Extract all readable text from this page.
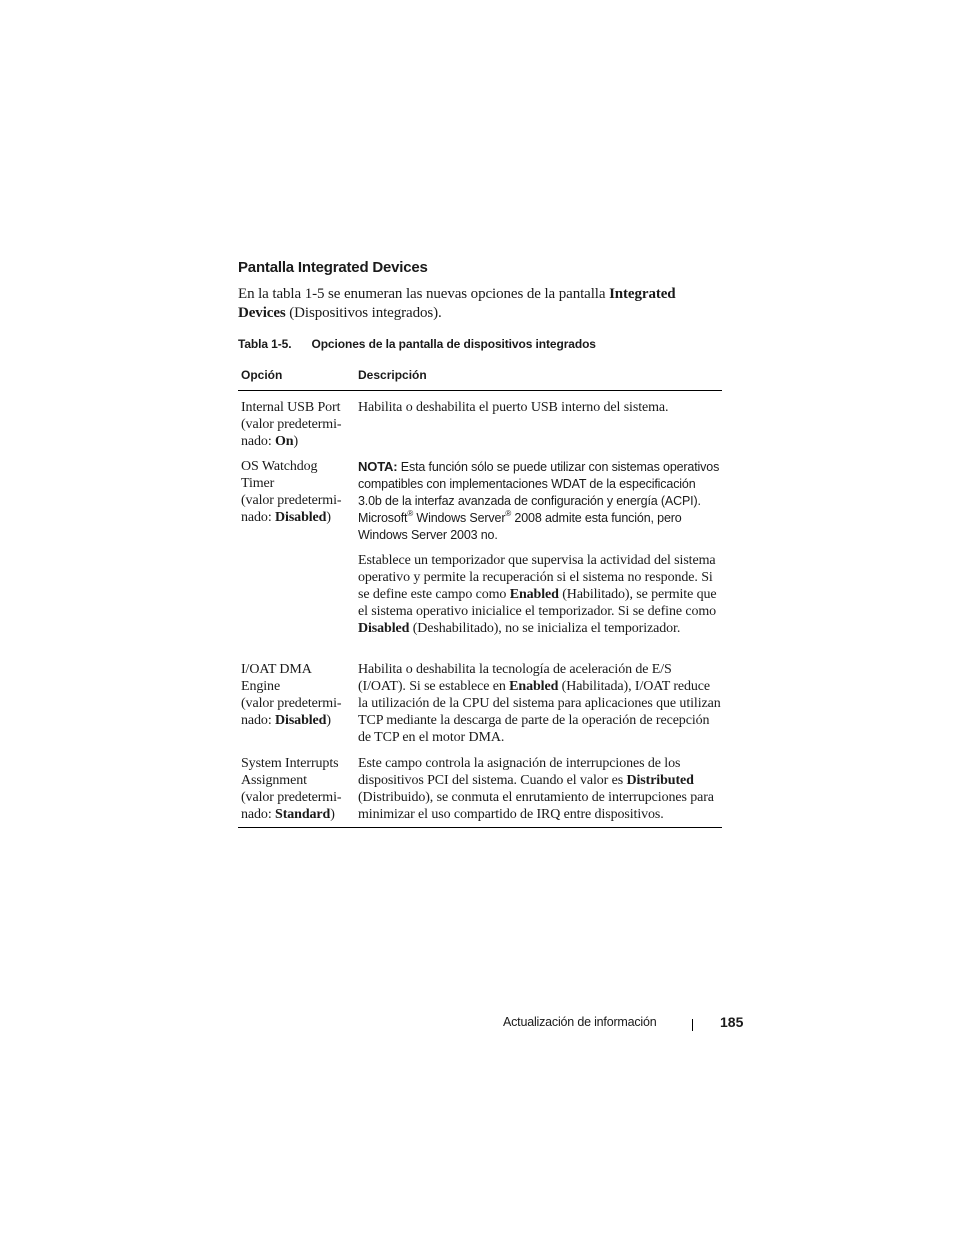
Pantalla Integrated Devices

En la tabla 1-5 se enumeran las nuevas opciones de la pantalla Integrated Devices (Dispositivos integrados).

Tabla 1-5. Opciones de la pantalla de dispositivos integrados

Opción	Descripción
Internal USB Port
(valor predetermi-
nado: On)

Habilita o deshabilita el puerto USB interno del sistema.

OS Watchdog
Timer
(valor predetermi-
nado: Disabled)

NOTA: Esta función sólo se puede utilizar con sistemas operativos compatibles con implementaciones WDAT de la especificación 3.0b de la interfaz avanzada de configuración y energía (ACPI). Microsoft® Windows Server® 2008 admite esta función, pero Windows Server 2003 no.

Establece un temporizador que supervisa la actividad del sistema operativo y permite la recuperación si el sistema no responde. Si se define este campo como Enabled (Habilitado), se permite que el sistema operativo inicialice el temporizador. Si se define como Disabled (Deshabilitado), no se inicializa el temporizador.

I/OAT DMA
Engine
(valor predetermi-
nado: Disabled)

Habilita o deshabilita la tecnología de aceleración de E/S (I/OAT). Si se establece en Enabled (Habilitada), I/OAT reduce la utilización de la CPU del sistema para aplicaciones que utilizan TCP mediante la descarga de parte de la operación de recepción de TCP en el motor DMA.

System Interrupts
Assignment
(valor predetermi-
nado: Standard)

Este campo controla la asignación de interrupciones de los dispositivos PCI del sistema. Cuando el valor es Distributed (Distribuido), se conmuta el enrutamiento de interrupciones para minimizar el uso compartido de IRQ entre dispositivos.

Actualización de información	185
